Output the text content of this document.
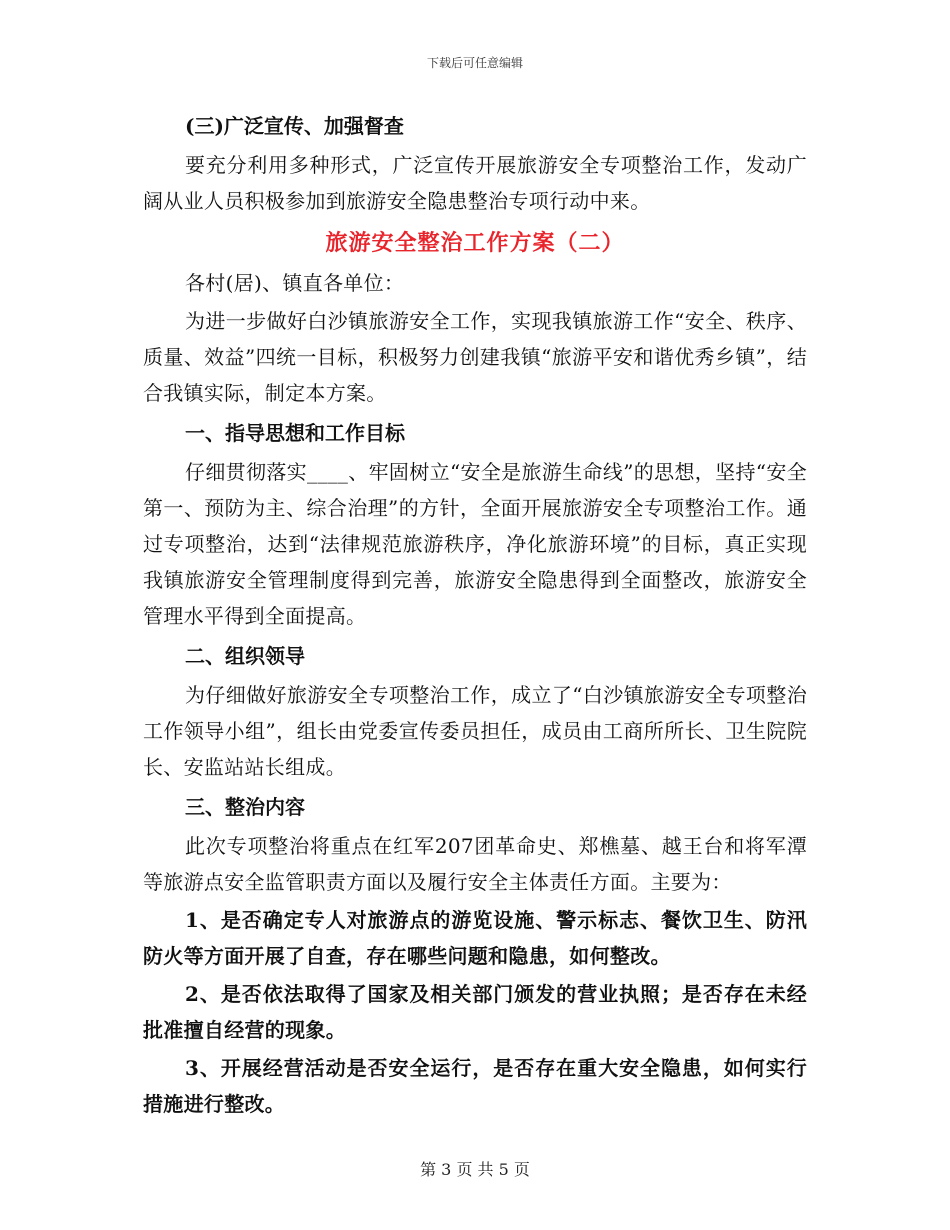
下载后可任意编辑
(三)广泛宣传、加强督查

要充分利用多种形式，广泛宣传开展旅游安全专项整治工作，发动广阔从业人员积极参加到旅游安全隐患整治专项行动中来。

旅游安全整治工作方案（二）

各村(居)、镇直各单位：

为进一步做好白沙镇旅游安全工作，实现我镇旅游工作“安全、秩序、质量、效益”四统一目标，积极努力创建我镇“旅游平安和谐优秀乡镇”，结合我镇实际，制定本方案。

一、指导思想和工作目标

仔细贯彻落实____、牢固树立“安全是旅游生命线”的思想，坚持“安全第一、预防为主、综合治理”的方针，全面开展旅游安全专项整治工作。通过专项整治，达到“法律规范旅游秩序，净化旅游环境”的目标，真正实现我镇旅游安全管理制度得到完善，旅游安全隐患得到全面整改，旅游安全管理水平得到全面提高。

二、组织领导

为仔细做好旅游安全专项整治工作，成立了“白沙镇旅游安全专项整治工作领导小组”，组长由党委宣传委员担任，成员由工商所所长、卫生院院长、安监站站长组成。

三、整治内容

此次专项整治将重点在红军207团革命史、郑樵墓、越王台和将军潭等旅游点安全监管职责方面以及履行安全主体责任方面。主要为：

1、是否确定专人对旅游点的游览设施、警示标志、餐饮卫生、防汛防火等方面开展了自查，存在哪些问题和隐患，如何整改。

2、是否依法取得了国家及相关部门颁发的营业执照；是否存在未经批准擅自经营的现象。

3、开展经营活动是否安全运行，是否存在重大安全隐患，如何实行措施进行整改。

第 3 页 共 5 页
